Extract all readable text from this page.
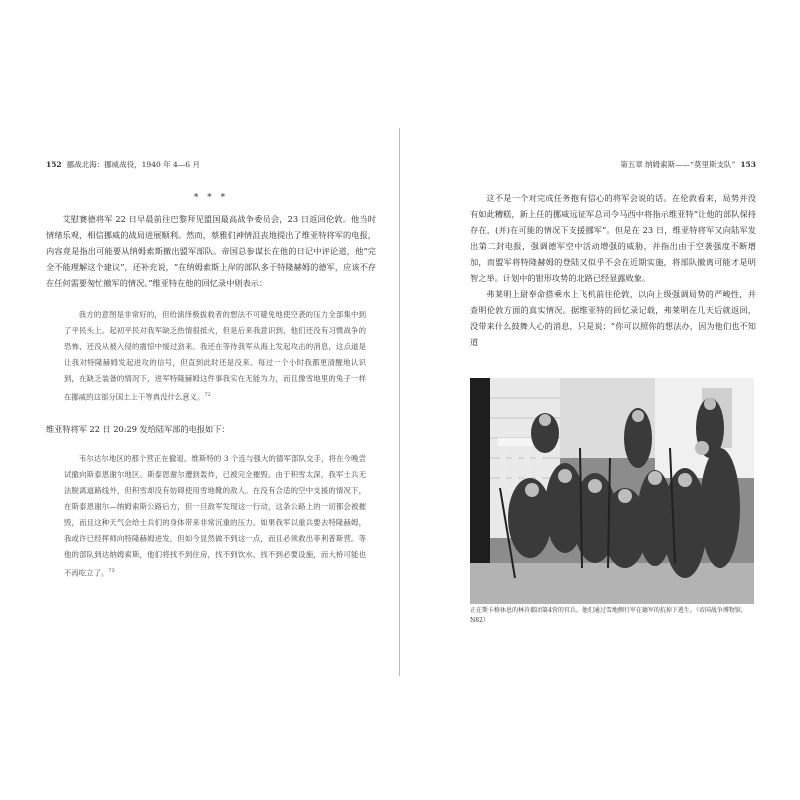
152 挪战北海：挪威战役，1940 年 4—6 月
* * *

艾慰赛德将军 22 日早晨前往巴黎拜见盟国最高战争委员会，23 日返回伦敦。他当时情绪乐观，相信挪威的战局进展顺利。然而，蔡雅们神情沮丧地提出了维亚特将军的电报，内容竟是指出可能要从纳姆索斯撤出盟军部队。帝国总参谋长在他的日记中评论道，他“完全不能理解这个建议”，还补充说，“在纳姆索斯上岸的部队多于特隆赫姆的德军，应该不存在任何需要匆忙撤军的情况。”维亚特在他的回忆录中则表示：

我方的意图是非常好的，但给演绎极拔救者的想法不可避免地使空袭的压力全部集中到了平民头上。起初平民对我军缺乏热情很抵火，但是后来我意识到，他们还没有习惯战争的恐怖，还没从被入侵的震惊中缓过劲来。我还在等待我军从海上发起攻击的消息，这点道是让我对特隆赫姆发起进攻的信号，但直到此时还是没来。每过一个小时我都更清醒地认识到，在缺乏装备的情况下，进军特隆赫姆这件事我实在无能为力，而且像雪地里的兔子一样在挪威的这部分国土上干等真没什么意义。$^{72}$

维亚特将军 22 日 20:29 发给陆军部的电报如下：

韦尔达尔地区的那个营正在撤退。维斯特的 3 个连与强大的德军部队交手，将在今晚尝试撤向斯泰恩谢尔地区。斯泰恩谢尔遭到轰炸，已被完全摧毁。由于积雪太深，我军士兵无法脱离道路线外，但积雪却没有妨碍使用雪地靴的敌人。在没有合适的空中支援的情况下，在斯泰恩谢尔—纳姆索斯公路后方，但一旦敌军发现这一行动，这条公路上的一切都会被摧毁，而且这种天气会给士兵们的身体带来非常沉重的压力。如果我军以重兵要去特隆赫姆，我或许已经挥师向特隆赫姆进发，但如今显然做不到这一点，而且必须救出菲利普斯营。等他的部队到达纳姆索斯，他们将找不到住房，找不到饮水，找不到必要设施，而大桥可能也不再吃立了。$^{73}$

第五章 纳姆索斯——“莫里斯支队” 153

这不是一个对完成任务抱有信心的将军会说的话。在伦敦看来，局势并没有如此糟糕，新上任的挪威远征军总司令马西中将指示维亚特“让他的部队保持存在，(并)在可能的情况下支援挪军”。但是在 23 日，维亚特将军又向陆军发出第二封电报，强调德军空中活动增强的威胁，并指出由于空袭强度不断增加，而盟军将特隆赫姆的登陆又似乎不会在近期实施，将部队撤离可能才是明智之举。计划中的钳形攻势的北路已经显露败象。

弗莱明上尉奉命搭乘水上飞机前往伦敦，以向上级强调局势的严峻性，并查明伦敦方面的真实情况。据维亚特的回忆录记载，弗莱明在几天后就返回，没带来什么鼓舞人心的消息，只是说：“你可以照你的想法办，因为他们也不知道

正在斯卡格休息的林肯郡团第4营的官兵。他们通过雪地侧行军在德军的抗掉下逃生。（帝国战争博物馆，N82）
